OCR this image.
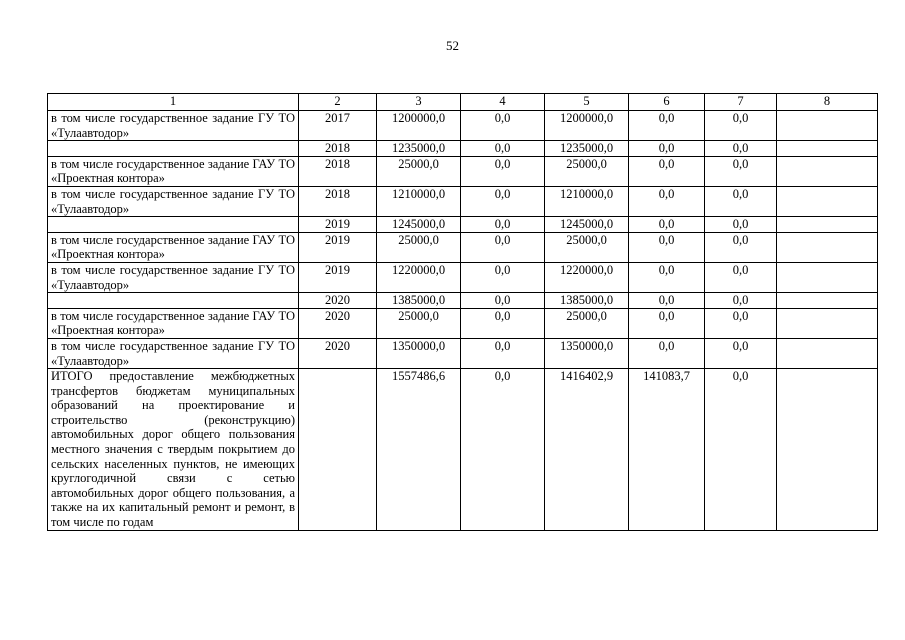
52
1	2	3	4	5	6	7	8
в том числе государственное задание ГУ ТО «Тулаавтодор»	2017	1200000,0	0,0	1200000,0	0,0	0,0	
	2018	1235000,0	0,0	1235000,0	0,0	0,0	
в том числе государственное задание ГАУ ТО «Проектная контора»	2018	25000,0	0,0	25000,0	0,0	0,0	
в том числе государственное задание ГУ ТО «Тулаавтодор»	2018	1210000,0	0,0	1210000,0	0,0	0,0	
	2019	1245000,0	0,0	1245000,0	0,0	0,0	
в том числе государственное задание ГАУ ТО «Проектная контора»	2019	25000,0	0,0	25000,0	0,0	0,0	
в том числе государственное задание ГУ ТО «Тулаавтодор»	2019	1220000,0	0,0	1220000,0	0,0	0,0	
	2020	1385000,0	0,0	1385000,0	0,0	0,0	
в том числе государственное задание ГАУ ТО «Проектная контора»	2020	25000,0	0,0	25000,0	0,0	0,0	
в том числе государственное задание ГУ ТО «Тулаавтодор»	2020	1350000,0	0,0	1350000,0	0,0	0,0	
ИТОГО предоставление межбюджетных трансфертов бюджетам муниципальных образований на проектирование и строительство (реконструкцию) автомобильных дорог общего пользования местного значения с твердым покрытием до сельских населенных пунктов, не имеющих круглогодичной связи с сетью автомобильных дорог общего пользования, а также на их капитальный ремонт и ремонт, в том числе по годам		1557486,6	0,0	1416402,9	141083,7	0,0	
